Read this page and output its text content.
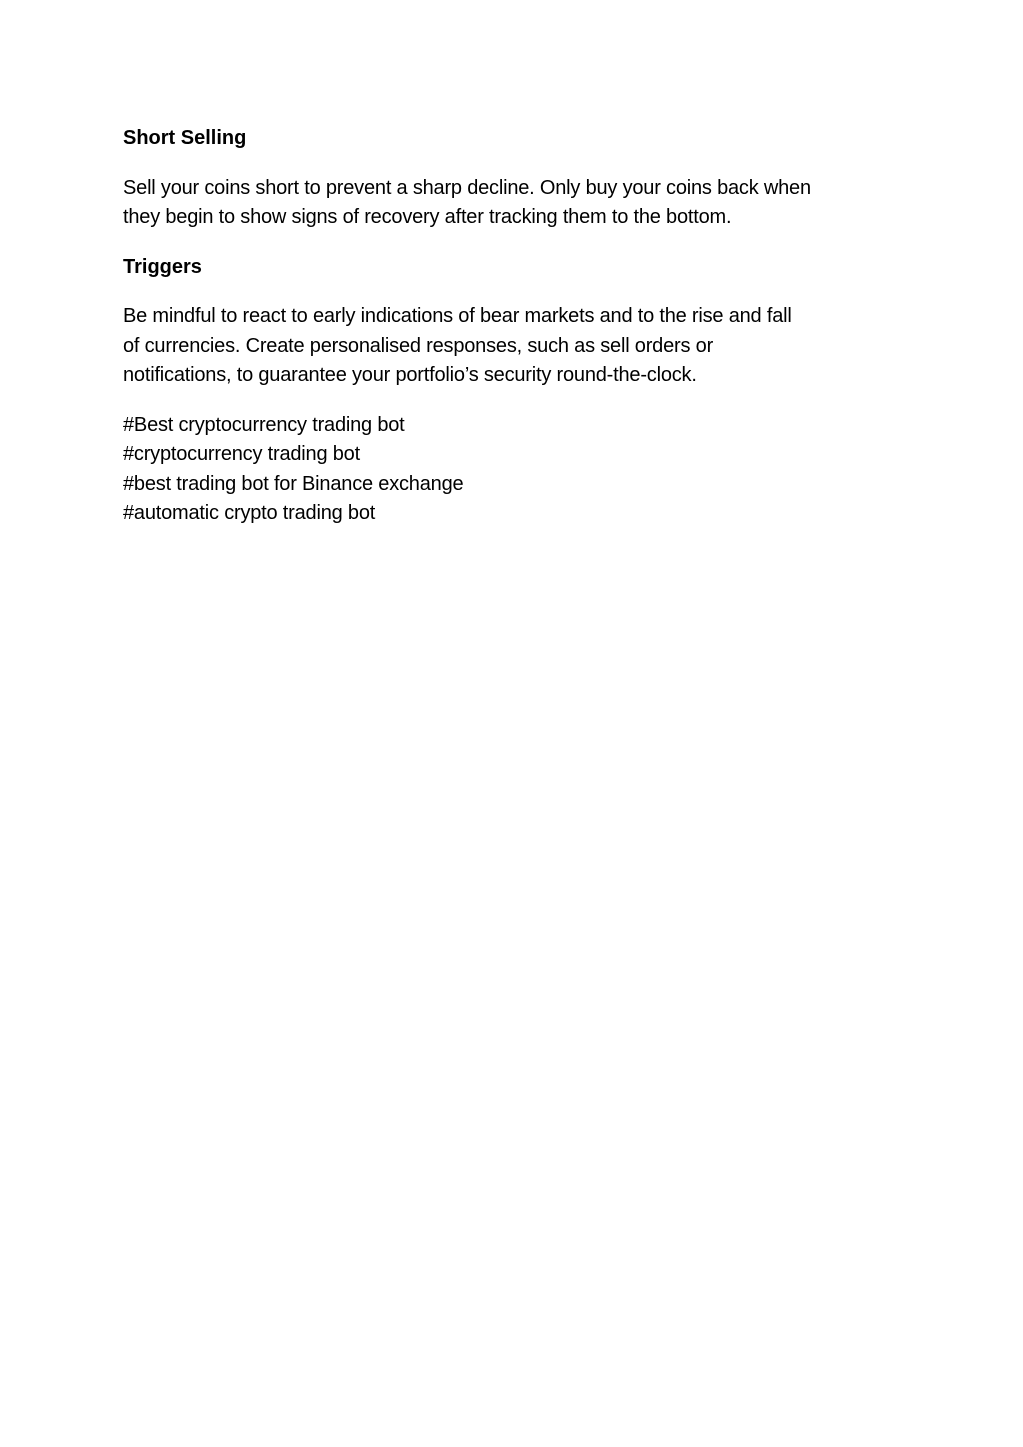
Short Selling
Sell your coins short to prevent a sharp decline. Only buy your coins back when
they begin to show signs of recovery after tracking them to the bottom.
Triggers
Be mindful to react to early indications of bear markets and to the rise and fall
of currencies. Create personalised responses, such as sell orders or
notifications, to guarantee your portfolio’s security round-the-clock.
#Best cryptocurrency trading bot
#cryptocurrency trading bot
#best trading bot for Binance exchange
#automatic crypto trading bot
